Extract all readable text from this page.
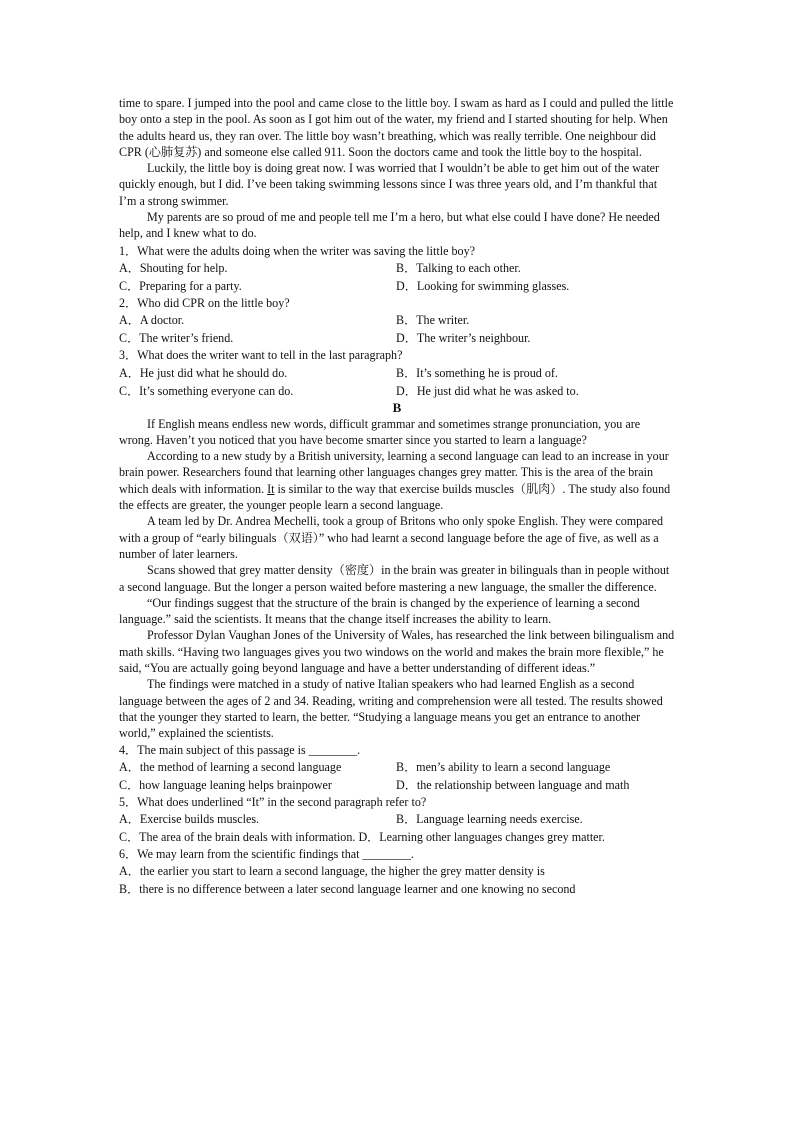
time to spare. I jumped into the pool and came close to the little boy. I swam as hard as I could and pulled the little boy onto a step in the pool. As soon as I got him out of the water, my friend and I started shouting for help. When the adults heard us, they ran over. The little boy wasn’t breathing, which was really terrible. One neighbour did CPR (心肺复苏) and someone else called 911. Soon the doctors came and took the little boy to the hospital.

Luckily, the little boy is doing great now. I was worried that I wouldn’t be able to get him out of the water quickly enough, but I did. I’ve been taking swimming lessons since I was three years old, and I’m thankful that I’m a strong swimmer.

My parents are so proud of me and people tell me I’m a hero, but what else could I have done? He needed help, and I knew what to do.

1．What were the adults doing when the writer was saving the little boy?

A．Shouting for help.	B．Talking to each other.
C．Preparing for a party.	D．Looking for swimming glasses.

2．Who did CPR on the little boy?

A．A doctor.	B．The writer.
C．The writer’s friend.	D．The writer’s neighbour.

3．What does the writer want to tell in the last paragraph?

A．He just did what he should do.	B．It’s something he is proud of.
C．It’s something everyone can do.	D．He just did what he was asked to.
B

If English means endless new words, difficult grammar and sometimes strange pronunciation, you are wrong. Haven’t you noticed that you have become smarter since you started to learn a language?

According to a new study by a British university, learning a second language can lead to an increase in your brain power. Researchers found that learning other languages changes grey matter. This is the area of the brain which deals with information. It is similar to the way that exercise builds muscles（肌肉）. The study also found the effects are greater, the younger people learn a second language.

A team led by Dr. Andrea Mechelli, took a group of Britons who only spoke English. They were compared with a group of “early bilinguals（双语）” who had learnt a second language before the age of five, as well as a number of later learners.

Scans showed that grey matter density（密度）in the brain was greater in bilinguals than in people without a second language. But the longer a person waited before mastering a new language, the smaller the difference.

“Our findings suggest that the structure of the brain is changed by the experience of learning a second language.” said the scientists. It means that the change itself increases the ability to learn.

Professor Dylan Vaughan Jones of the University of Wales, has researched the link between bilingualism and math skills. “Having two languages gives you two windows on the world and makes the brain more flexible,” he said, “You are actually going beyond language and have a better understanding of different ideas.”

The findings were matched in a study of native Italian speakers who had learned English as a second language between the ages of 2 and 34. Reading, writing and comprehension were all tested. The results showed that the younger they started to learn, the better. “Studying a language means you get an entrance to another world,” explained the scientists.

4．The main subject of this passage is ________.

A．the method of learning a second language	B．men’s ability to learn a second language
C．how language leaning helps brainpower	D．the relationship between language and math

5．What does underlined “It” in the second paragraph refer to?

A．Exercise builds muscles.	B．Language learning needs exercise.
C．The area of the brain deals with information. D．Learning other languages changes grey matter.

6．We may learn from the scientific findings that ________.

A．the earlier you start to learn a second language, the higher the grey matter density is
B．there is no difference between a later second language learner and one knowing no second
